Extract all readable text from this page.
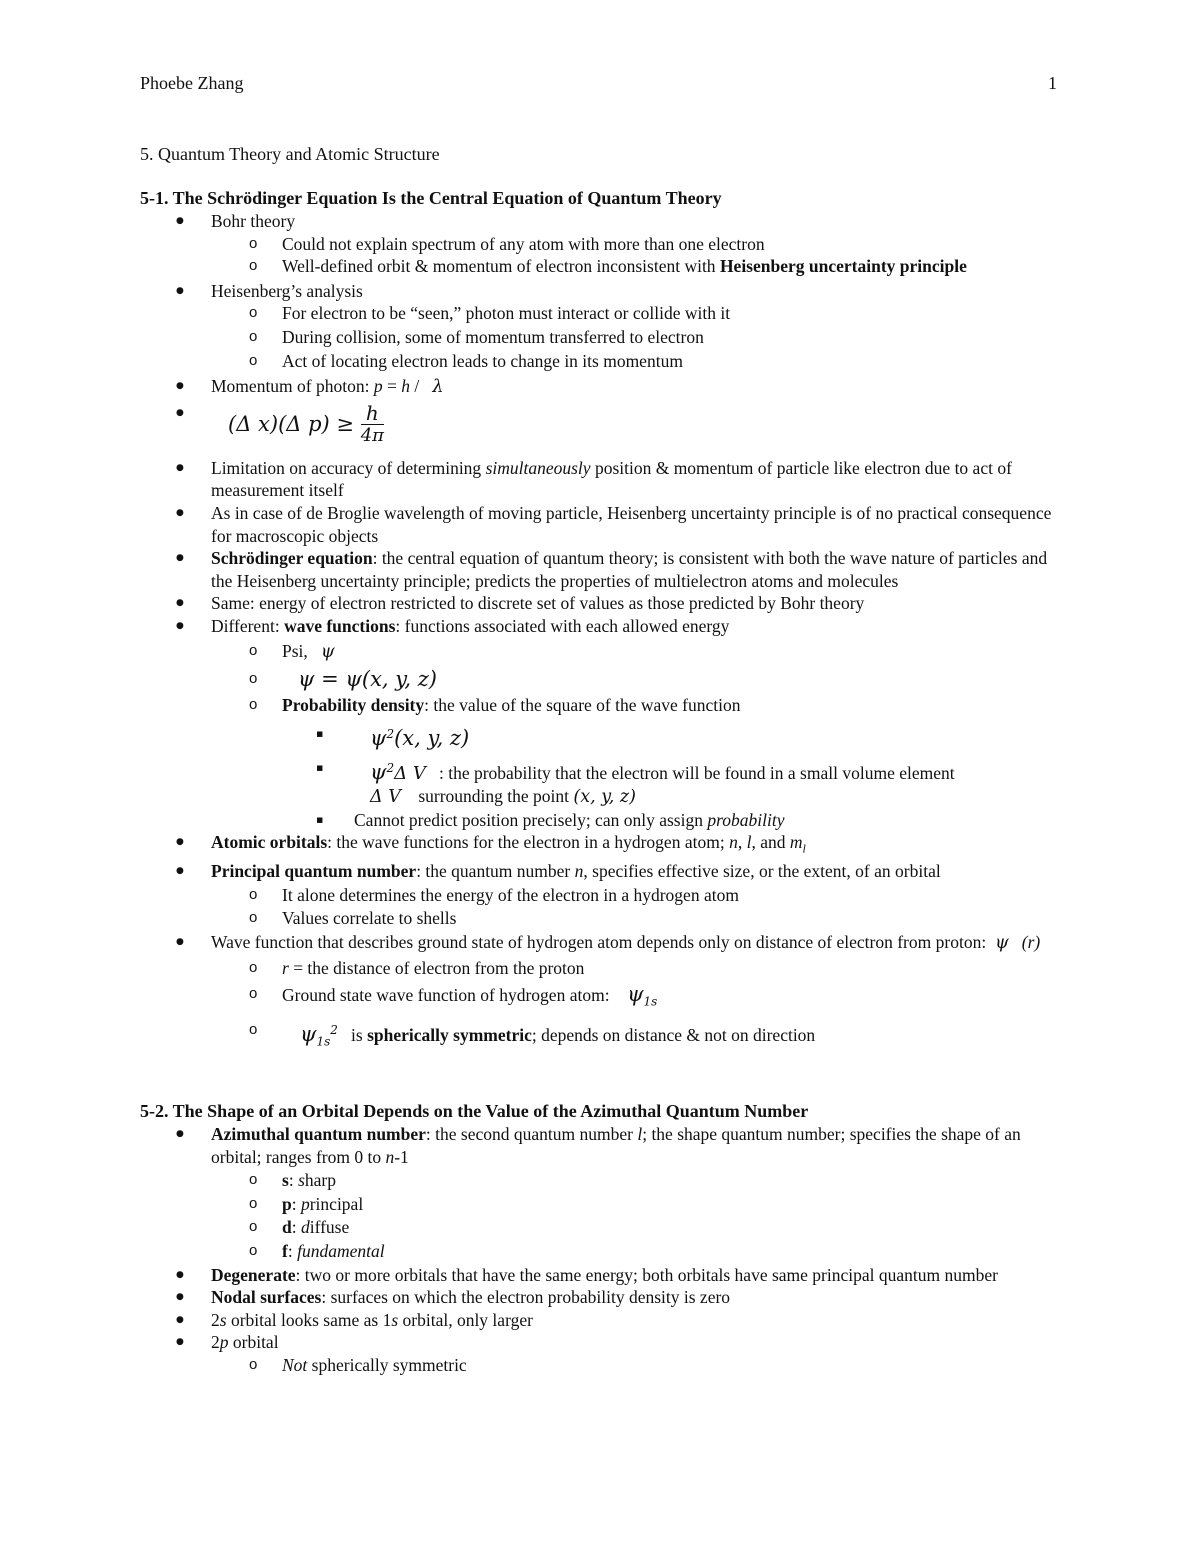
Phoebe Zhang	1
5. Quantum Theory and Atomic Structure
5-1. The Schrödinger Equation Is the Central Equation of Quantum Theory
● Bohr theory
o Could not explain spectrum of any atom with more than one electron
o Well-defined orbit & momentum of electron inconsistent with Heisenberg uncertainty principle
● Heisenberg’s analysis
o For electron to be “seen,” photon must interact or collide with it
o During collision, some of momentum transferred to electron
o Act of locating electron leads to change in its momentum
● Momentum of photon: p = h /   λ
● (Δ x)(Δ $p) \ge \frac{h}{4\pi}$
● Limitation on accuracy of determining simultaneously position & momentum of particle like electron due to act of measurement itself
● As in case of de Broglie wavelength of moving particle, Heisenberg uncertainty principle is of no practical consequence for macroscopic objects
● Schrödinger equation: the central equation of quantum theory; is consistent with both the wave nature of particles and the Heisenberg uncertainty principle; predicts the properties of multielectron atoms and molecules
● Same: energy of electron restricted to discrete set of values as those predicted by Bohr theory
● Different: wave functions: functions associated with each allowed energy
o Psi,   ψ
o ψ = ψ(x, y, z)
o Probability density: the value of the square of the wave function
▪ $\psi^2(x$, y, z)
▪ $\psi^2\Delta$ V   : the probability that the electron will be found in a small volume element
Δ V    surrounding the point (x, y, z)
▪ Cannot predict position precisely; can only assign probability
● Atomic orbitals: the wave functions for the electron in a hydrogen atom; n, l, and $m_l$
● Principal quantum number: the quantum number n, specifies effective size, or the extent, of an orbital
o It alone determines the energy of the electron in a hydrogen atom
o Values correlate to shells
● Wave function that describes ground state of hydrogen atom depends only on distance of electron from proton:  ψ (r)
o r = the distance of electron from the proton
o Ground state wave function of hydrogen atom:    $\psi_{1s}$
o $\psi_{1s}^2$   is spherically symmetric; depends on distance & not on direction
5-2. The Shape of an Orbital Depends on the Value of the Azimuthal Quantum Number
● Azimuthal quantum number: the second quantum number l; the shape quantum number; specifies the shape of an orbital; ranges from 0 to n-1
o s: sharp
o p: principal
o d: diffuse
o f: fundamental
● Degenerate: two or more orbitals that have the same energy; both orbitals have same principal quantum number
● Nodal surfaces: surfaces on which the electron probability density is zero
● 2s orbital looks same as 1s orbital, only larger
● 2p orbital
o Not spherically symmetric
